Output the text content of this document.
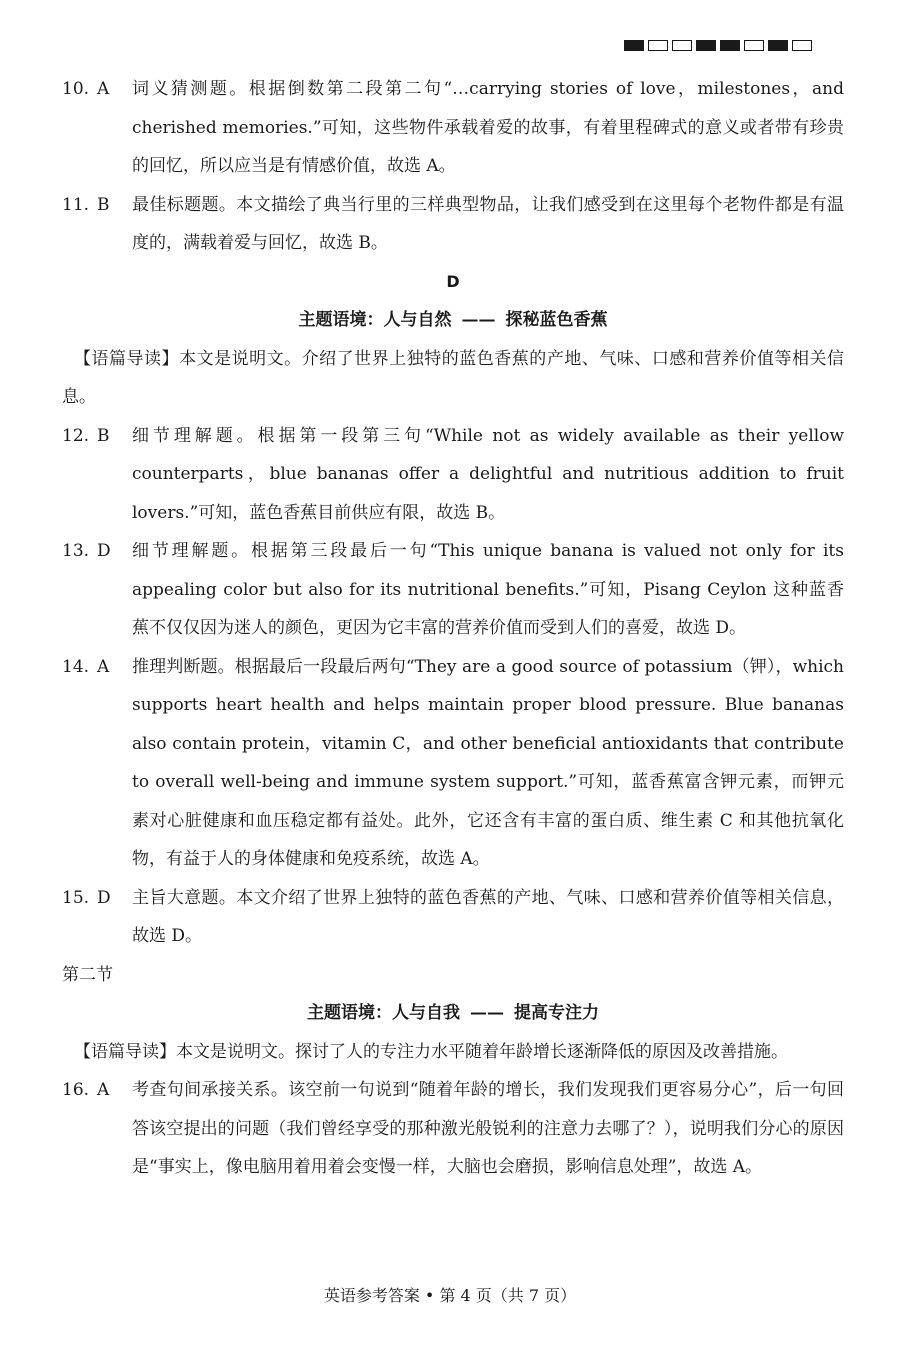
10. A	词义猜测题。根据倒数第二段第二句“…carrying stories of love，milestones，and cherished memories.”可知，这些物件承载着爱的故事，有着里程碑式的意义或者带有珍贵的回忆，所以应当是有情感价值，故选 A。
11. B	最佳标题题。本文描绘了典当行里的三样典型物品，让我们感受到在这里每个老物件都是有温度的，满载着爱与回忆，故选 B。
D
主题语境：人与自然 —— 探秘蓝色香蕉
【语篇导读】本文是说明文。介绍了世界上独特的蓝色香蕉的产地、气味、口感和营养价值等相关信息。
12. B	细节理解题。根据第一段第三句“While not as widely available as their yellow counterparts，blue bananas offer a delightful and nutritious addition to fruit lovers.”可知，蓝色香蕉目前供应有限，故选 B。
13. D	细节理解题。根据第三段最后一句“This unique banana is valued not only for its appealing color but also for its nutritional benefits.”可知，Pisang Ceylon 这种蓝香蕉不仅仅因为迷人的颜色，更因为它丰富的营养价值而受到人们的喜爱，故选 D。
14. A	推理判断题。根据最后一段最后两句“They are a good source of potassium（钾），which supports heart health and helps maintain proper blood pressure. Blue bananas also contain protein，vitamin C，and other beneficial antioxidants that contribute to overall well-being and immune system support.”可知，蓝香蕉富含钾元素，而钾元素对心脏健康和血压稳定都有益处。此外，它还含有丰富的蛋白质、维生素 C 和其他抗氧化物，有益于人的身体健康和免疫系统，故选 A。
15. D	主旨大意题。本文介绍了世界上独特的蓝色香蕉的产地、气味、口感和营养价值等相关信息，故选 D。
第二节
主题语境：人与自我 —— 提高专注力
【语篇导读】本文是说明文。探讨了人的专注力水平随着年龄增长逐渐降低的原因及改善措施。
16. A	考查句间承接关系。该空前一句说到“随着年龄的增长，我们发现我们更容易分心”，后一句回答该空提出的问题（我们曾经享受的那种激光般锐利的注意力去哪了？），说明我们分心的原因是“事实上，像电脑用着用着会变慢一样，大脑也会磨损，影响信息处理”，故选 A。
英语参考答案 • 第 4 页（共 7 页）
